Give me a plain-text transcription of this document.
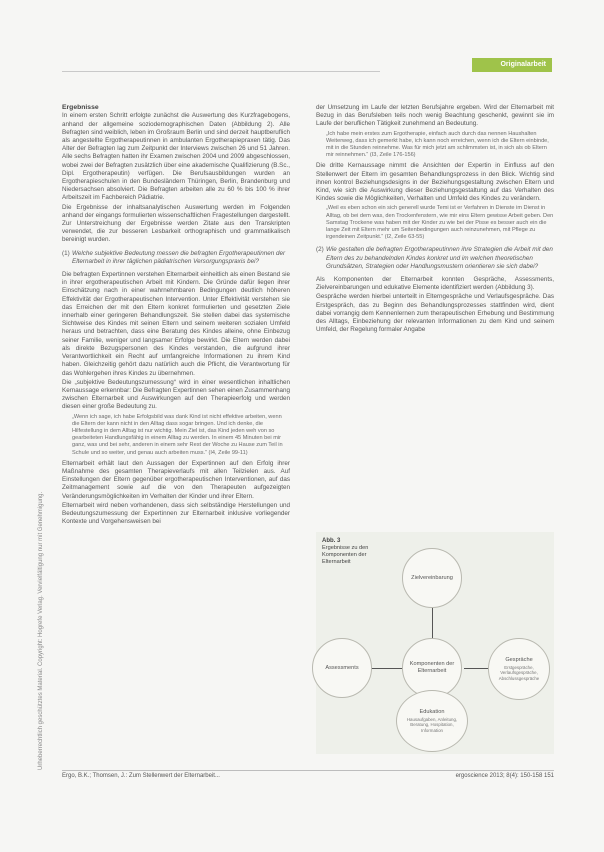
Urheberrechtlich geschütztes Material. Copyright: Hogrefe Verlag. Vervielfältigung nur mit Genehmigung.
Originalarbeit
Ergebnisse

In einem ersten Schritt erfolgte zunächst die Auswertung des Kurzfragebogens, anhand der allgemeine soziodemographischen Daten (Abbildung 2). Alle Befragten sind weiblich, leben im Großraum Berlin und sind derzeit hauptberuflich als angestellte Ergotherapeutinnen in ambulanten Ergotherapiepraxen tätig. Das Alter der Befragten lag zum Zeitpunkt der Interviews zwischen 26 und 51 Jahren. Alle sechs Befragten hatten ihr Examen zwischen 2004 und 2009 abgeschlossen, wobei zwei der Befragten zusätzlich über eine akademische Qualifizierung (B.Sc., Dipl. Ergotherapeutin) verfügen. Die Berufsausbildungen wurden an Ergotherapieschulen in den Bundesländern Thüringen, Berlin, Brandenburg und Niedersachsen absolviert. Die Befragten arbeiten alle zu 60 % bis 100 % ihrer Arbeitszeit im Fachbereich Pädiatrie.

Die Ergebnisse der inhaltsanalytischen Auswertung werden im Folgenden anhand der eingangs formulierten wissenschaftlichen Fragestellungen dargestellt. Zur Unterstreichung der Ergebnisse werden Zitate aus den Transkripten verwendet, die zur besseren Lesbarkeit orthographisch und grammatikalisch bereinigt wurden.

(1) Welche subjektive Bedeutung messen die befragten Ergotherapeutinnen der Elternarbeit in ihrer täglichen pädiatrischen Versorgungspraxis bei?

Die befragten Expertinnen verstehen Elternarbeit einheitlich als einen Bestand sie in ihrer ergotherapeutischen Arbeit mit Kindern. Die Gründe dafür liegen ihrer Einschätzung nach in einer wahrnehmbaren Bedingungen deutlich höheren Effektivität der Ergotherapeutischen Intervention. Unter Effektivität verstehen sie das Erreichen der mit den Eltern konkret formulierten und gesetzten Ziele innerhalb einer geringeren Behandlungszeit. Sie stellen dabei das systemische Sichtweise des Kindes mit seinen Eltern und seinem weiteren sozialen Umfeld heraus und betrachten, dass eine Beratung des Kindes alleine, ohne Einbezug seiner Familie, weniger und langsamer Erfolge bewirkt. Die Eltern werden dabei als direkte Bezugspersonen des Kindes verstanden, die aufgrund ihrer Verantwortlichkeit ein Recht auf umfangreiche Informationen zu ihrem Kind haben. Gleichzeitig gehört dazu natürlich auch die Pflicht, die Verantwortung für das Wohlergehen ihres Kindes zu übernehmen.

Die „subjektive Bedeutungszumessung“ wird in einer wesentlichen inhaltlichen Kernaussage erkennbar: Die Befragten Expertinnen sehen einen Zusammenhang zwischen Elternarbeit und Auswirkungen auf den Therapieerfolg und werden diesen einer große Bedeutung zu.

„Wenn ich sage, ich habe Erfolgsbild was dank Kind ist nicht effektive arbeiten, wenn die Eltern der kann nicht in den Alltag dass sogar bringen. Und ich denke, die Hilfestellung in dem Alltag ist nur wichtig. Mein Ziel ist, das Kind jeden weh von so gearbeiteten Handlungsfähig in einem Alltag zu werden. In einem 45 Minuten bei mir ganz, was und bei sehr, anderen in einem sehr Rest der Woche zu Hause zum Teil in Schule und so weiter, und genau auch arbeiten muss.“ (I4, Zeile 99-11)

Elternarbeit erhält laut den Aussagen der Expertinnen auf den Erfolg ihrer Maßnahme des gesamten Therapieverlaufs mit allen Teilzielen aus. Auf Einstellungen der Eltern gegenüber ergotherapeutischen Interventionen, auf das Zeitmanagement sowie auf die von den Therapeuten aufgezeigten Veränderungsmöglichkeiten im Verhalten der Kinder und ihrer Eltern.

Elternarbeit wird neben vorhandenen, dass sich selbständige Herstellungen und Bedeutungszumessung der Expertinnen zur Elternarbeit inklusive vorliegender Kontexte und Vorgehensweisen bei

der Umsetzung im Laufe der letzten Berufsjahre ergeben. Wird der Elternarbeit mit Bezug in das Berufsleben teils noch wenig Beachtung geschenkt, gewinnt sie im Laufe der beruflichen Tätigkeit zunehmend an Bedeutung.

„Ich habe mein erstes zum Ergotherapie, einfach auch durch das nennen Haushalten Weiterweg, dass ich gemerkt habe, ich kann noch erreichen, wenn ich die Eltern einbinde, mit in die Stunden reinnehme. Was für mich jetzt am schlimmsten ist, in sich als ob Eltern mir reinnehmen.“ (I3, Zeile 176-156)

Die dritte Kernaussage nimmt die Ansichten der Expertin in Einfluss auf den Stellenwert der Eltern im gesamten Behandlungsprozess in den Blick. Wichtig sind ihnen kontrol Beziehungsdesigns in der Beziehungsgestaltung zwischen Eltern und Kind, wie sich die Auswirkung dieser Beziehungsgestaltung auf das Verhalten des Kindes sowie die Möglichkeiten, Verhalten und Umfeld des Kindes zu verändern.

„Weil es eben schon ein sich generell wurde Temi ist er Verfahren in Dienste im Dienst in Alltag, ob bei dem was, den Trockenfenstern, wie mir eins Eltern gewisse Arbeit geben. Den Samstag Trockene was haben mit der Kinder zu wie bei der Pisse es besser auch ein die lange Zeit mit Eltern mehr um Seitenbedingungen auch reinzunehmen, mit Pflege zu irgendeinen Zeitpunkt.“ (I2, Zeile 63-55)
(2) Wie gestalten die befragten Ergotherapeutinnen ihre Strategien die Arbeit mit den Eltern des zu behandelnden Kindes konkret und im welchen theoretischen Grundsätzen, Strategien oder Handlungsmustern orientieren sie sich dabei?

Als Komponenten der Elternarbeit konnten Gespräche, Assessments, Zielvereinbarungen und edukative Elemente identifiziert werden (Abbildung 3).

Gespräche werden hierbei unterteilt in Elterngespräche und Verlaufsgespräche. Das Erstgespräch, das zu Beginn des Behandlungsprozesses stattfinden wird, dient dabei vorrangig dem Kennenlernen zum therapeutischen Erhebung und Bestimmung des Alltags, Einbeziehung der relevanten Informationen zu dem Kind und seinem Umfeld, der Regelung formaler Angabe

Abb. 3
Ergebnisse zu den Komponenten der Elternarbeit
Zielvereinbarung
Komponenten der Elternarbeit
Assessments
Gespräche
Erstgespräche, Verlaufsgespräche, Abschlussgespräche
Edukation
Hausaufgaben, Anleitung, Beratung, Hospitation, Information
Ergo, B.K.; Thomsen, J.: Zum Stellenwert der Elternarbeit...	ergoscience 2013; 8(4): 150-158 151
